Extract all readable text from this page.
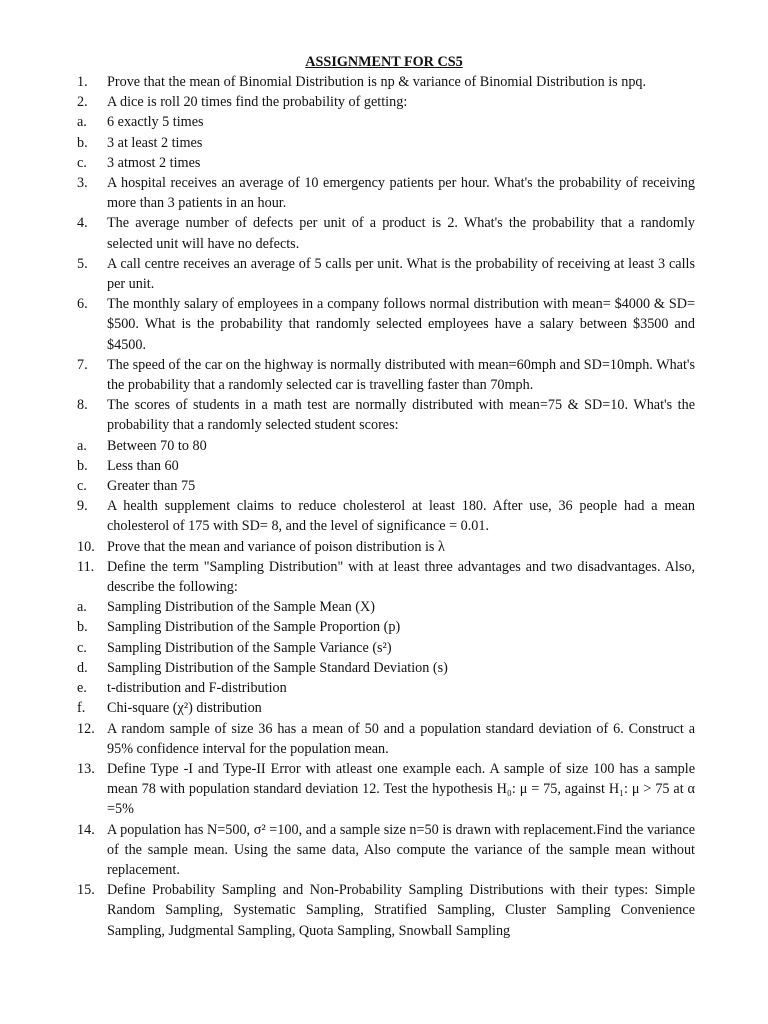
ASSIGNMENT FOR CS5
1.	Prove that the mean of Binomial Distribution is np & variance of Binomial Distribution is npq.
2.	A dice is roll 20 times find the probability of getting:
a.	6 exactly 5 times
b.	3 at least 2 times
c.	3 atmost 2 times
3.	A hospital receives an average of 10 emergency patients per hour. What's the probability of receiving more than 3 patients in an hour.
4.	The average number of defects per unit of a product is 2. What's the probability that a randomly selected unit will have no defects.
5.	A call centre receives an average of 5 calls per unit. What is the probability of receiving at least 3 calls per unit.
6.	The monthly salary of employees in a company follows normal distribution with mean= $4000 & SD= $500. What is the probability that randomly selected employees have a salary between $3500 and $4500.
7.	The speed of the car on the highway is normally distributed with mean=60mph and SD=10mph. What's the probability that a randomly selected car is travelling faster than 70mph.
8.	The scores of students in a math test are normally distributed with mean=75 & SD=10. What's the probability that a randomly selected student scores:
a.	Between 70 to 80
b.	Less than 60
c.	Greater than 75
9.	A health supplement claims to reduce cholesterol at least 180. After use, 36 people had a mean cholesterol of 175 with SD= 8, and the level of significance = 0.01.
10. Prove that the mean and variance of poison distribution is λ
11. Define the term "Sampling Distribution" with at least three advantages and two disadvantages. Also, describe the following:
a.	Sampling Distribution of the Sample Mean (X)
b.	Sampling Distribution of the Sample Proportion (p)
c.	Sampling Distribution of the Sample Variance (s²)
d.	Sampling Distribution of the Sample Standard Deviation (s)
e.	t-distribution and F-distribution
f.	Chi-square (χ²) distribution
12. A random sample of size 36 has a mean of 50 and a population standard deviation of 6. Construct a 95% confidence interval for the population mean.
13. Define Type -I and Type-II Error with atleast one example each. A sample of size 100 has a sample mean 78 with population standard deviation 12. Test the hypothesis H₀: μ = 75, against H₁: μ > 75 at α =5%
14. A population has N=500, σ² =100, and a sample size n=50 is drawn with replacement.Find the variance of the sample mean. Using the same data, Also compute the variance of the sample mean without replacement.
15. Define Probability Sampling and Non-Probability Sampling Distributions with their types: Simple Random Sampling, Systematic Sampling, Stratified Sampling, Cluster Sampling Convenience Sampling, Judgmental Sampling, Quota Sampling, Snowball Sampling
